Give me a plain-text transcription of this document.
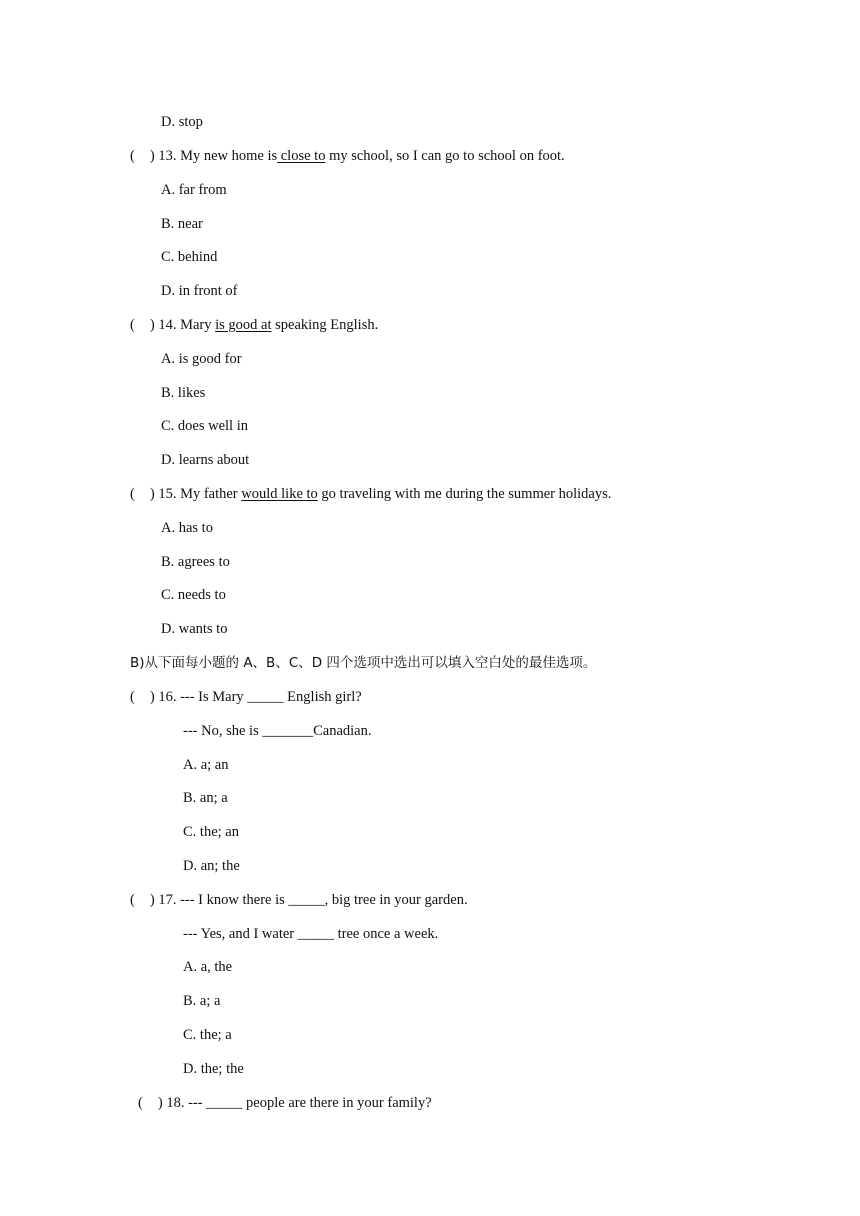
D. stop
( ) 13. My new home is close to my school, so I can go to school on foot.
A. far from
B. near
C. behind
D. in front of
( ) 14. Mary is good at speaking English.
A. is good for
B. likes
C. does well in
D. learns about
( ) 15. My father would like to go traveling with me during the summer holidays.
A. has to
B. agrees to
C. needs to
D. wants to
B)从下面每小题的 A、B、C、D 四个选项中选出可以填入空白处的最佳选项。
( ) 16. --- Is Mary _____ English girl?
--- No, she is _______Canadian.
A. a; an
B. an; a
C. the; an
D. an; the
( ) 17. --- I know there is _____, big tree in your garden.
--- Yes, and I water _____ tree once a week.
A. a, the
B. a; a
C. the; a
D. the; the
( ) 18. --- _____ people are there in your family?
